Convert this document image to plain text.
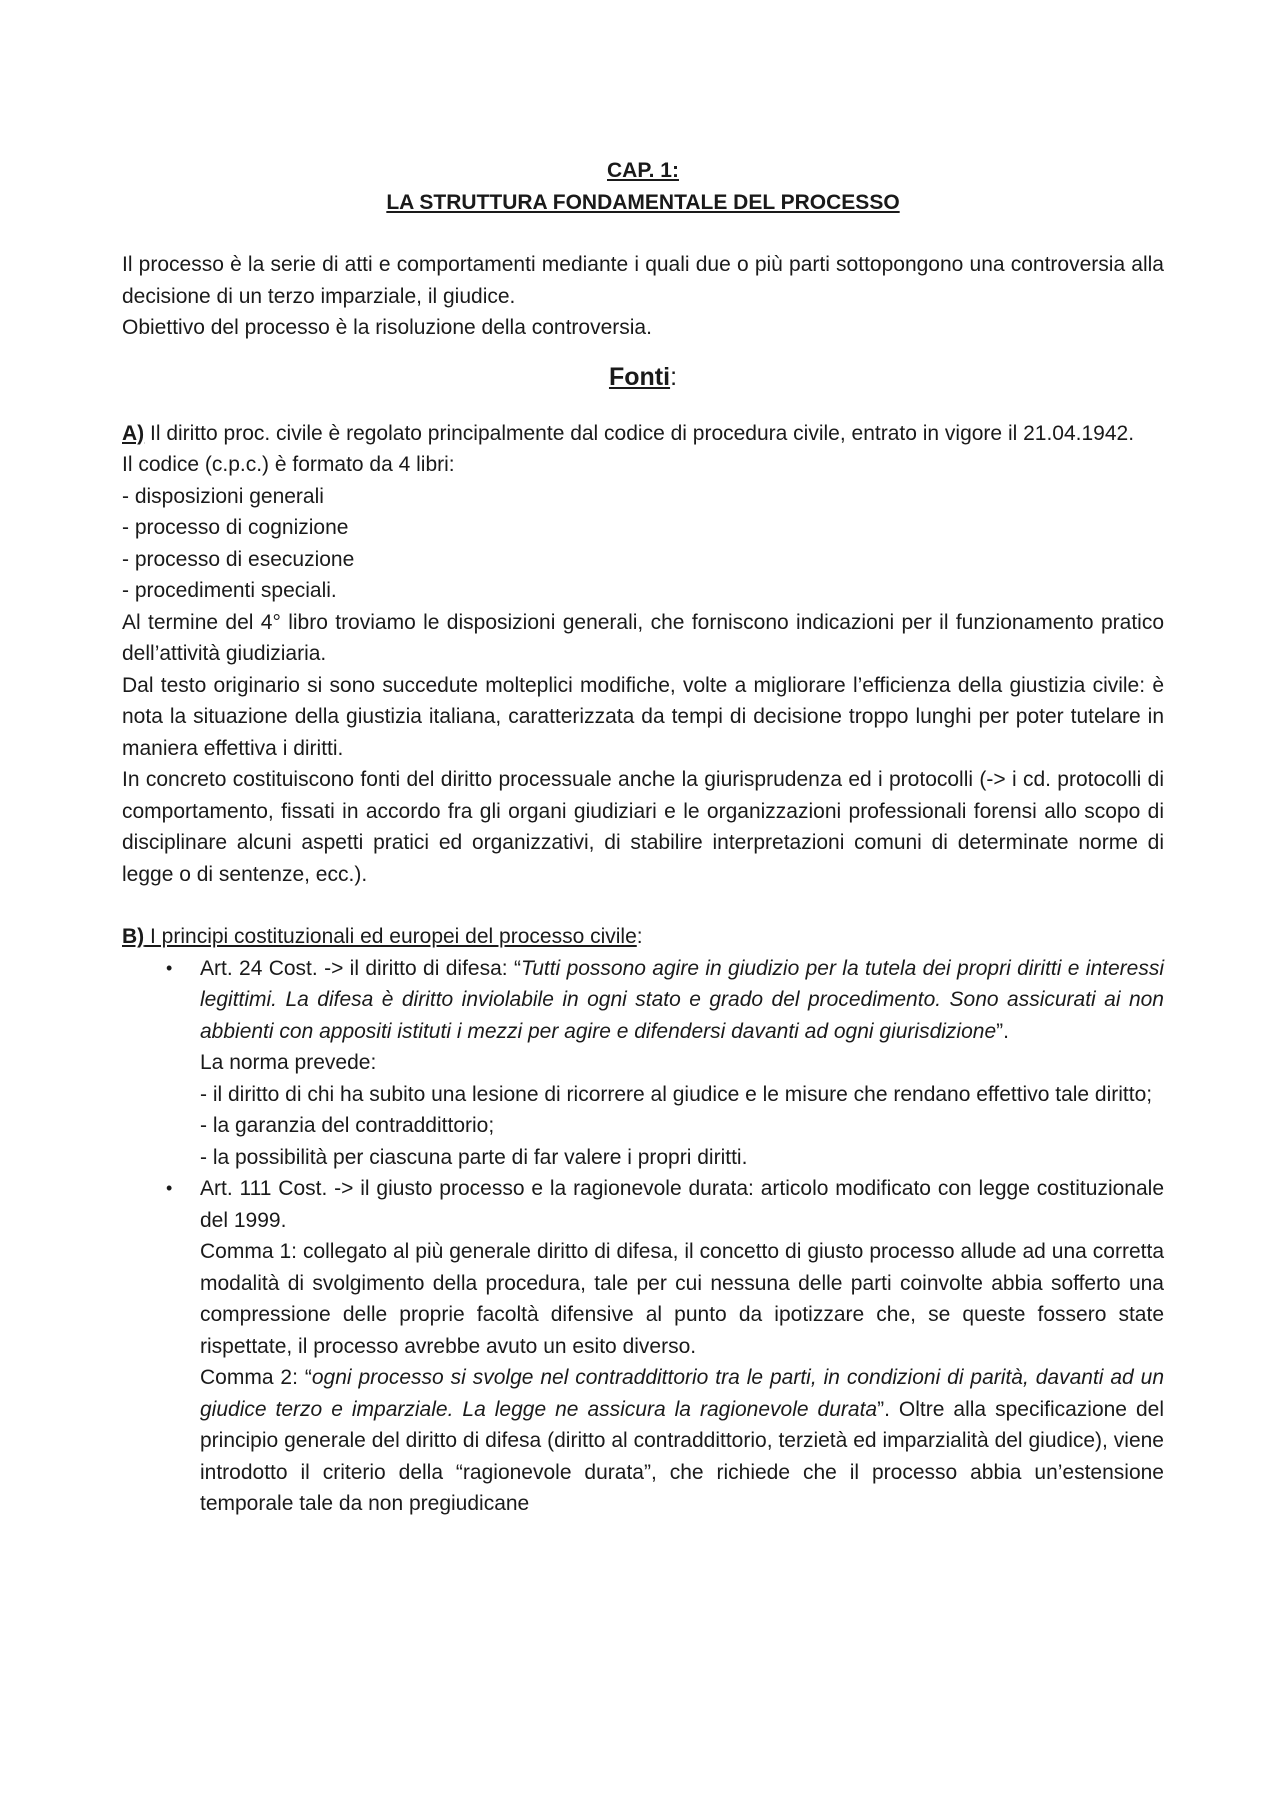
CAP. 1:
LA STRUTTURA FONDAMENTALE DEL PROCESSO

Il processo è la serie di atti e comportamenti mediante i quali due o più parti sottopongono una controversia alla decisione di un terzo imparziale, il giudice.

Obiettivo del processo è la risoluzione della controversia.

Fonti:

A) Il diritto proc. civile è regolato principalmente dal codice di procedura civile, entrato in vigore il 21.04.1942.

Il codice (c.p.c.) è formato da 4 libri:

- disposizioni generali

- processo di cognizione

- processo di esecuzione

- procedimenti speciali.

Al termine del 4° libro troviamo le disposizioni generali, che forniscono indicazioni per il funzionamento pratico dell’attività giudiziaria.

Dal testo originario si sono succedute molteplici modifiche, volte a migliorare l’efficienza della giustizia civile: è nota la situazione della giustizia italiana, caratterizzata da tempi di decisione troppo lunghi per poter tutelare in maniera effettiva i diritti.

In concreto costituiscono fonti del diritto processuale anche la giurisprudenza ed i protocolli (-> i cd. protocolli di comportamento, fissati in accordo fra gli organi giudiziari e le organizzazioni professionali forensi allo scopo di disciplinare alcuni aspetti pratici ed organizzativi, di stabilire interpretazioni comuni di determinate norme di legge o di sentenze, ecc.).

B) I principi costituzionali ed europei del processo civile:

• Art. 24 Cost. -> il diritto di difesa: “Tutti possono agire in giudizio per la tutela dei propri diritti e interessi legittimi. La difesa è diritto inviolabile in ogni stato e grado del procedimento. Sono assicurati ai non abbienti con appositi istituti i mezzi per agire e difendersi davanti ad ogni giurisdizione”.
La norma prevede:
- il diritto di chi ha subito una lesione di ricorrere al giudice e le misure che rendano effettivo tale diritto;
- la garanzia del contraddittorio;
- la possibilità per ciascuna parte di far valere i propri diritti.
• Art. 111 Cost. -> il giusto processo e la ragionevole durata: articolo modificato con legge costituzionale del 1999.
Comma 1: collegato al più generale diritto di difesa, il concetto di giusto processo allude ad una corretta modalità di svolgimento della procedura, tale per cui nessuna delle parti coinvolte abbia sofferto una compressione delle proprie facoltà difensive al punto da ipotizzare che, se queste fossero state rispettate, il processo avrebbe avuto un esito diverso.
Comma 2: “ogni processo si svolge nel contraddittorio tra le parti, in condizioni di parità, davanti ad un giudice terzo e imparziale. La legge ne assicura la ragionevole durata”. Oltre alla specificazione del principio generale del diritto di difesa (diritto al contraddittorio, terzietà ed imparzialità del giudice), viene introdotto il criterio della “ragionevole durata”, che richiede che il processo abbia un’estensione temporale tale da non pregiudicane
